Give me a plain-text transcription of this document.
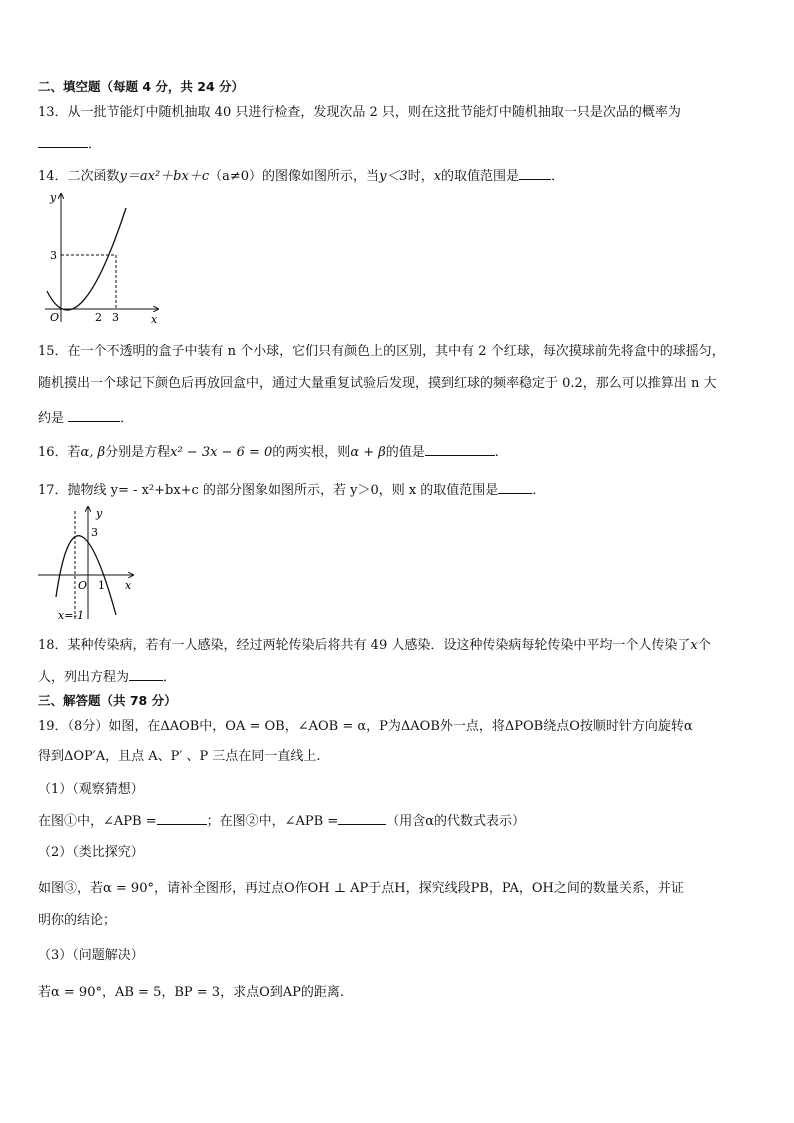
二、填空题（每题 4 分，共 24 分）
13．从一批节能灯中随机抽取 40 只进行检查，发现次品 2 只，则在这批节能灯中随机抽取一只是次品的概率为
．
14．二次函数y＝ax²＋bx＋c（a≠0）的图像如图所示，当y＜3时，x的取值范围是 ．
y
x
O	2 3
3
15．在一个不透明的盒子中装有 n 个小球，它们只有颜色上的区别，其中有 2 个红球，每次摸球前先将盒中的球摇匀，
随机摸出一个球记下颜色后再放回盒中，通过大量重复试验后发现，摸到红球的频率稳定于 0.2，那么可以推算出 n 大
约是	．
16．若α, β分别是方程x² − 3x − 6 = 0的两实根，则α + β的值是	.
17．抛物线 y= - x²+bx+c 的部分图象如图所示，若 y＞0，则 x 的取值范围是	．
y
x
O 1
3
x=-1
18．某种传染病，若有一人感染，经过两轮传染后将共有 49 人感染．设这种传染病每轮传染中平均一个人传染了x个
人，列出方程为	．
三、解答题（共 78 分）
19．（8分）如图，在ΔAOB中，OA = OB，∠AOB = α，P为ΔAOB外一点，将ΔPOB绕点O按顺时针方向旋转α
得到ΔOP′A，且点 A、P′ 、P 三点在同一直线上.
（1）（观察猜想）
在图①中，∠APB =	；在图②中，∠APB =	（用含α的代数式表示）
（2）（类比探究）
如图③，若α = 90°，请补全图形，再过点O作OH ⊥ AP于点H，探究线段PB，PA，OH之间的数量关系，并证
明你的结论；
（3）（问题解决）
若α = 90°，AB = 5，BP = 3，求点O到AP的距离.
